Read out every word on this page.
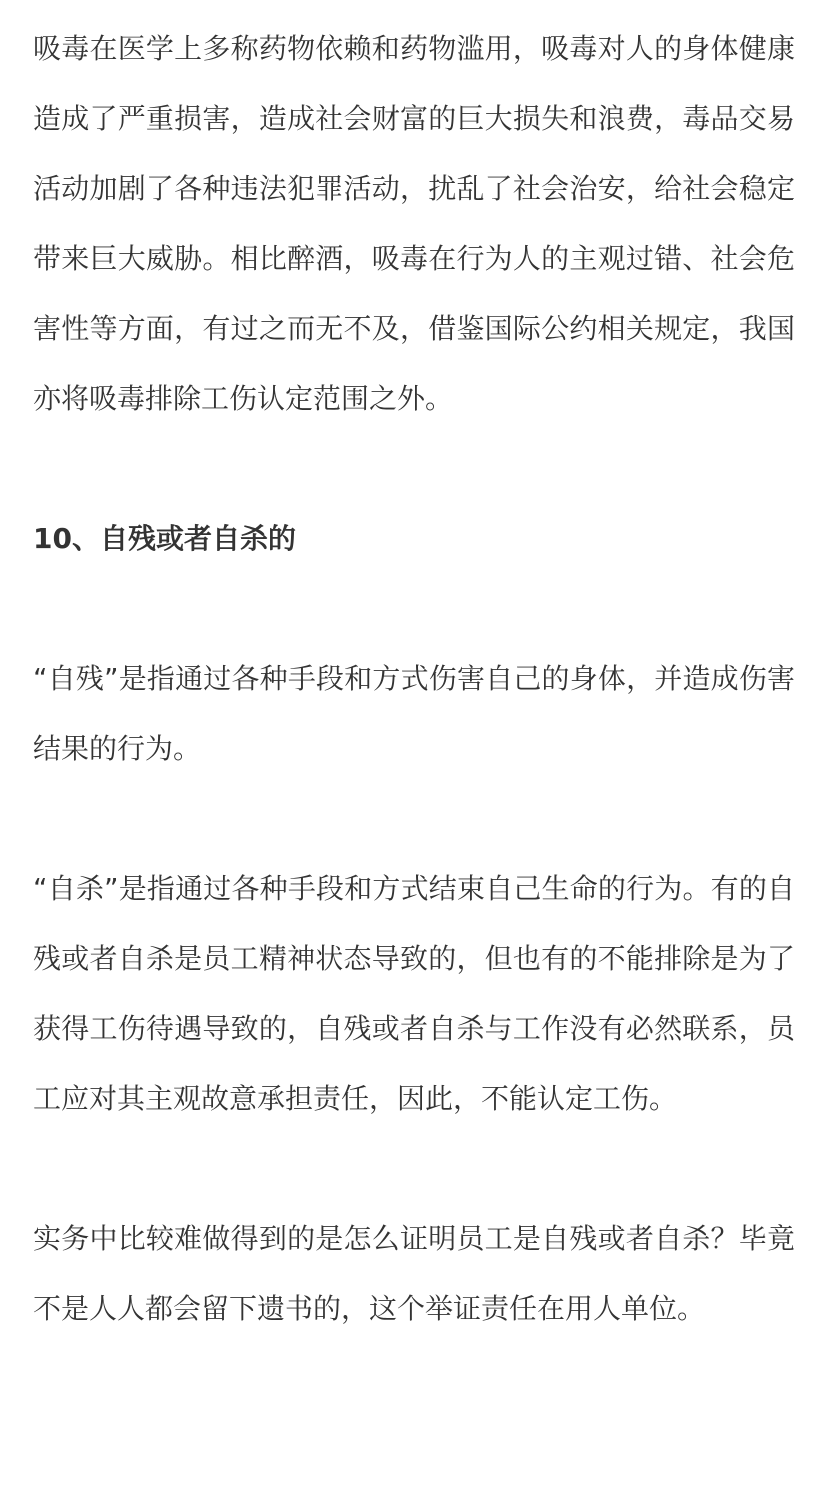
吸毒在医学上多称药物依赖和药物滥用，吸毒对人的身体健康造成了严重损害，造成社会财富的巨大损失和浪费，毒品交易活动加剧了各种违法犯罪活动，扰乱了社会治安，给社会稳定带来巨大威胁。相比醉酒，吸毒在行为人的主观过错、社会危害性等方面，有过之而无不及，借鉴国际公约相关规定，我国亦将吸毒排除工伤认定范围之外。

10、自残或者自杀的

“自残”是指通过各种手段和方式伤害自己的身体，并造成伤害结果的行为。

“自杀”是指通过各种手段和方式结束自己生命的行为。有的自残或者自杀是员工精神状态导致的，但也有的不能排除是为了获得工伤待遇导致的，自残或者自杀与工作没有必然联系，员工应对其主观故意承担责任，因此，不能认定工伤。

实务中比较难做得到的是怎么证明员工是自残或者自杀？毕竟不是人人都会留下遗书的，这个举证责任在用人单位。
